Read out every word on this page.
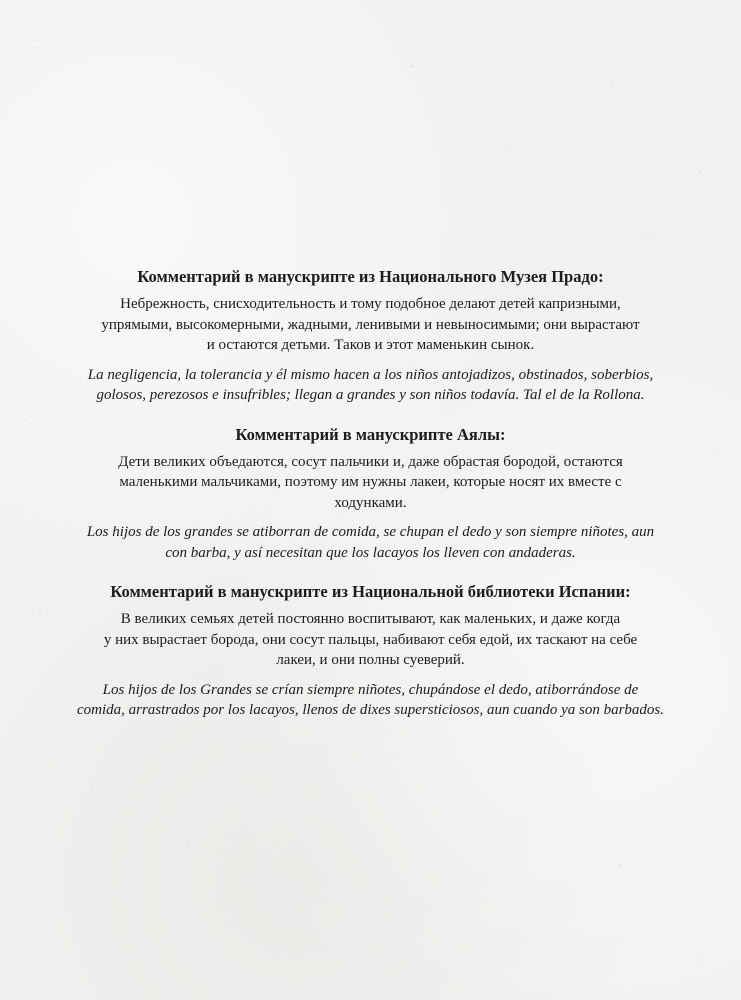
Комментарий в манускрипте из Национального Музея Прадо:
Небрежность, снисходительность и тому подобное делают детей капризными,
упрямыми, высокомерными, жадными, ленивыми и невыносимыми; они вырастают
и остаются детьми. Таков и этот маменькин сынок.
La negligencia, la tolerancia y él mismo hacen a los niños antojadizos, obstinados, soberbios,
golosos, perezosos e insufribles; llegan a grandes y son niños todavía. Tal el de la Rollona.
Комментарий в манускрипте Аялы:
Дети великих объедаются, сосут пальчики и, даже обрастая бородой, остаются
маленькими мальчиками, поэтому им нужны лакеи, которые носят их вместе с
ходунками.
Los hijos de los grandes se atiborran de comida, se chupan el dedo y son siempre niñotes, aun
con barba, y así necesitan que los lacayos los lleven con andaderas.
Комментарий в манускрипте из Национальной библиотеки Испании:
В великих семьях детей постоянно воспитывают, как маленьких, и даже когда
у них вырастает борода, они сосут пальцы, набивают себя едой, их таскают на себе
лакеи, и они полны суеверий.
Los hijos de los Grandes se crían siempre niñotes, chupándose el dedo, atiborrándose de
comida, arrastrados por los lacayos, llenos de dixes supersticiosos, aun cuando ya son barbados.
